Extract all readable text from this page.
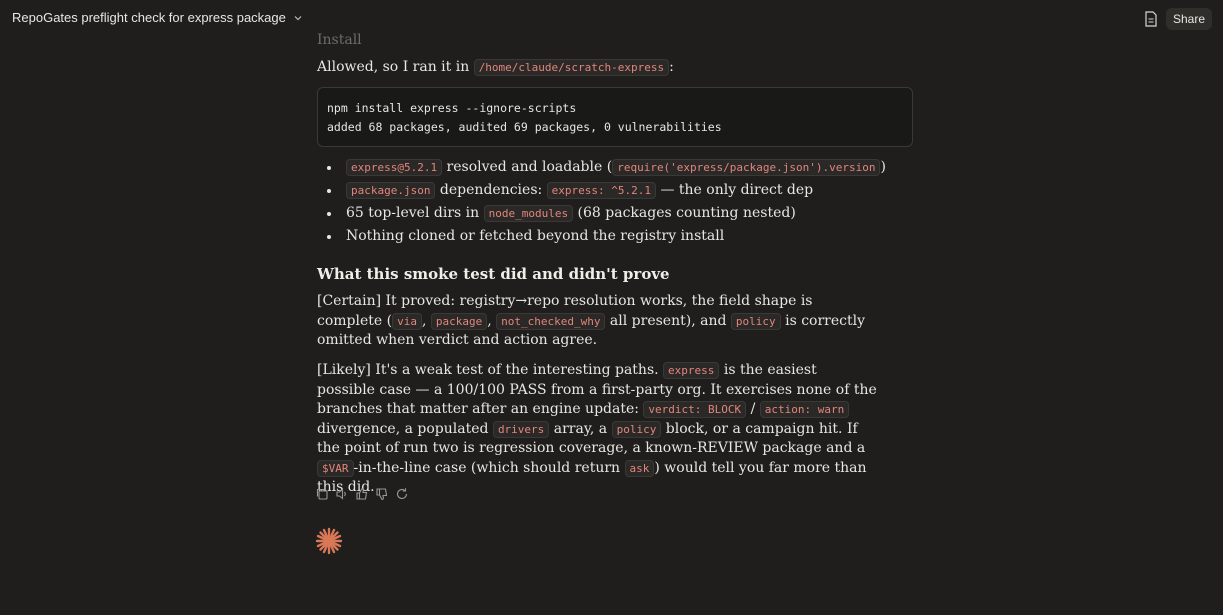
RepoGates preflight check for express package	Share
Install
Allowed, so I ran it in /home/claude/scratch-express :
npm install express --ignore-scripts
added 68 packages, audited 69 packages, 0 vulnerabilities
express@5.2.1 resolved and loadable ( require('express/package.json').version )
package.json dependencies: express: ^5.2.1 — the only direct dep
65 top-level dirs in node_modules (68 packages counting nested)
Nothing cloned or fetched beyond the registry install
What this smoke test did and didn't prove

[Certain] It proved: registry→repo resolution works, the field shape is complete ( via , package , not_checked_why all present), and policy is correctly omitted when verdict and action agree.

[Likely] It's a weak test of the interesting paths. express is the easiest possible case — a 100/100 PASS from a first-party org. It exercises none of the branches that matter after an engine update: verdict: BLOCK / action: warn divergence, a populated drivers array, a policy block, or a campaign hit. If the point of run two is regression coverage, a known-REVIEW package and a $VAR -in-the-line case (which should return ask ) would tell you far more than this did.
